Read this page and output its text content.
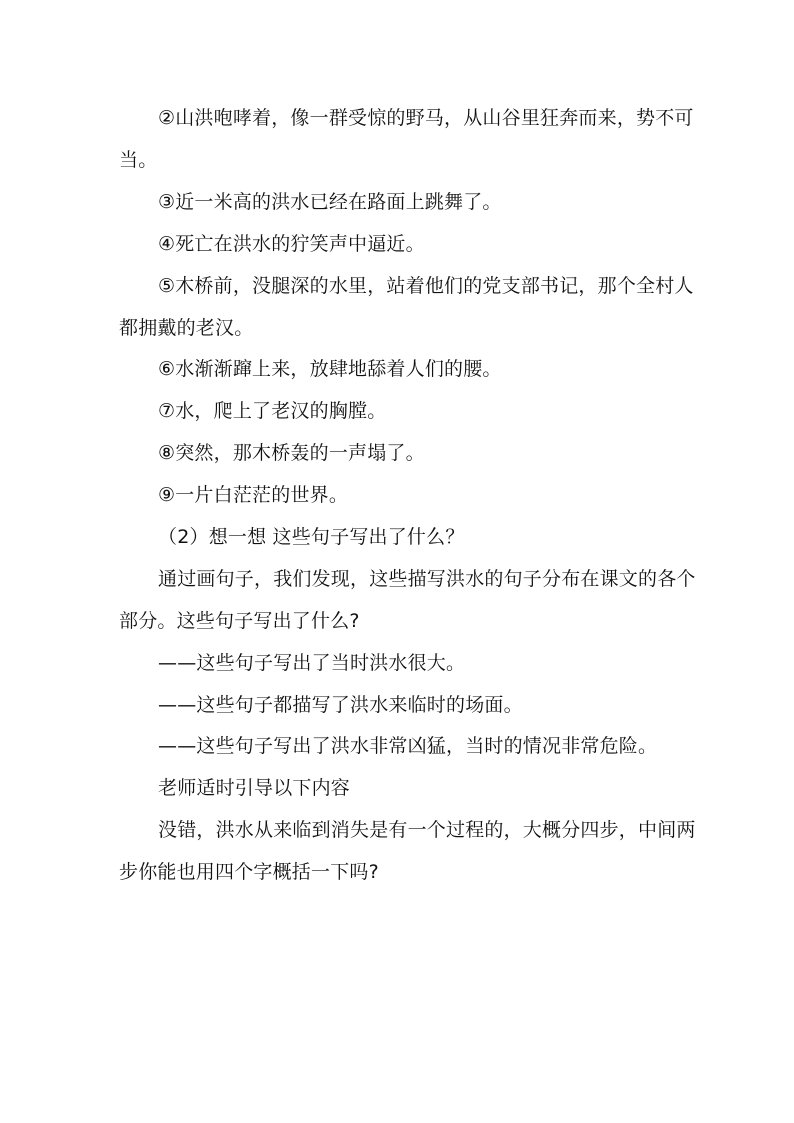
②山洪咆哮着，像一群受惊的野马，从山谷里狂奔而来，势不可
当。
③近一米高的洪水已经在路面上跳舞了。
④死亡在洪水的狞笑声中逼近。
⑤木桥前，没腿深的水里，站着他们的党支部书记，那个全村人
都拥戴的老汉。
⑥水渐渐蹿上来，放肆地舔着人们的腰。
⑦水，爬上了老汉的胸膛。
⑧突然，那木桥轰的一声塌了。
⑨一片白茫茫的世界。
（2）想一想 这些句子写出了什么？
通过画句子，我们发现，这些描写洪水的句子分布在课文的各个
部分。这些句子写出了什么?
——这些句子写出了当时洪水很大。
——这些句子都描写了洪水来临时的场面。
——这些句子写出了洪水非常凶猛，当时的情况非常危险。
老师适时引导以下内容
没错，洪水从来临到消失是有一个过程的，大概分四步，中间两
步你能也用四个字概括一下吗?
